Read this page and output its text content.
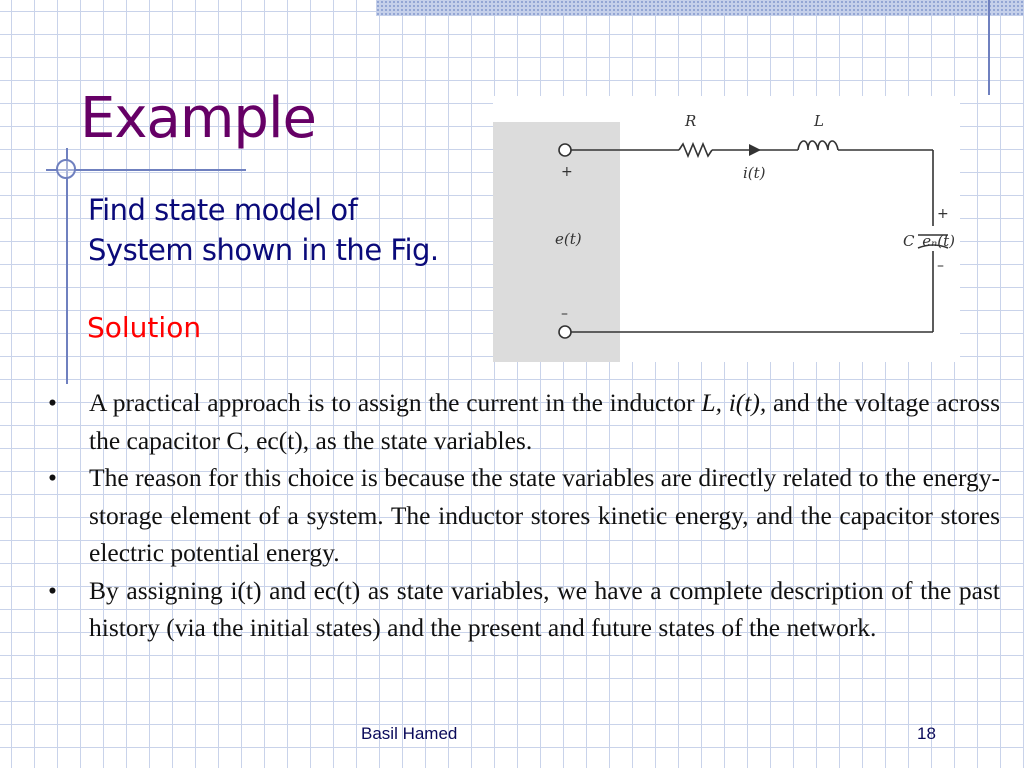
Example
Find state model of
System shown in the Fig.
Solution
R	L
i(t)
e(t)	C eₙ(t)
+
–
+
–
• A practical approach is to assign the current in the inductor L, i(t), and the voltage across the capacitor C, ec(t), as the state variables.
• The reason for this choice is because the state variables are directly related to the energy-storage element of a system. The inductor stores kinetic energy, and the capacitor stores electric potential energy.
• By assigning i(t) and ec(t) as state variables, we have a complete description of the past history (via the initial states) and the present and future states of the network.
Basil Hamed	18
